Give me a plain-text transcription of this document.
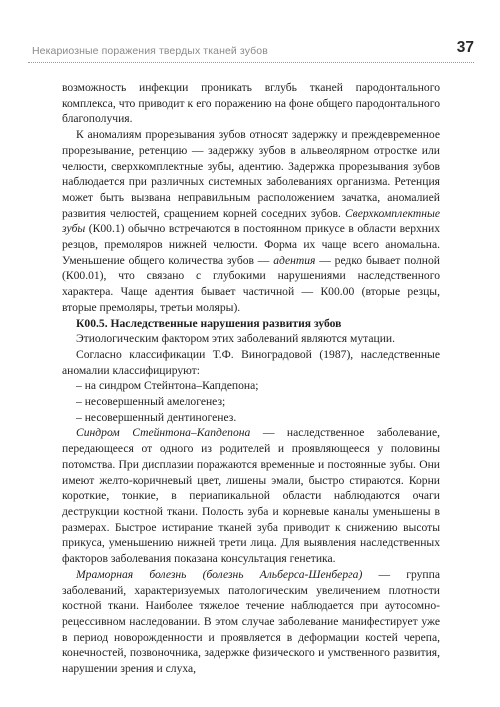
Некариозные поражения твердых тканей зубов	37

возможность инфекции проникать вглубь тканей пародонтального комплекса, что приводит к его поражению на фоне общего пародонтального благополучия.

К аномалиям прорезывания зубов относят задержку и преждевременное прорезывание, ретенцию — задержку зубов в альвеолярном отростке или челюсти, сверхкомплектные зубы, адентию. Задержка прорезывания зубов наблюдается при различных системных заболеваниях организма. Ретенция может быть вызвана неправильным расположением зачатка, аномалией развития челюстей, сращением корней соседних зубов. Сверхкомплектные зубы (К00.1) обычно встречаются в постоянном прикусе в области верхних резцов, премоляров нижней челюсти. Форма их чаще всего аномальна. Уменьшение общего количества зубов — адентия — редко бывает полной (К00.01), что связано с глубокими нарушениями наследственного характера. Чаще адентия бывает частичной — К00.00 (вторые резцы, вторые премоляры, третьи моляры).

К00.5. Наследственные нарушения развития зубов

Этиологическим фактором этих заболеваний являются мутации.

Согласно классификации Т.Ф. Виноградовой (1987), наследственные аномалии классифицируют:

– на синдром Стейнтона–Капдепона;

– несовершенный амелогенез;

– несовершенный дентиногенез.

Синдром Стейнтона–Капдепона — наследственное заболевание, передающееся от одного из родителей и проявляющееся у половины потомства. При дисплазии поражаются временные и постоянные зубы. Они имеют желто-коричневый цвет, лишены эмали, быстро стираются. Корни короткие, тонкие, в периапикальной области наблюдаются очаги деструкции костной ткани. Полость зуба и корневые каналы уменьшены в размерах. Быстрое истирание тканей зуба приводит к снижению высоты прикуса, уменьшению нижней трети лица. Для выявления наследственных факторов заболевания показана консультация генетика.

Мраморная болезнь (болезнь Альберса-Шенберга) — группа заболеваний, характеризуемых патологическим увеличением плотности костной ткани. Наиболее тяжелое течение наблюдается при аутосомно-рецессивном наследовании. В этом случае заболевание манифестирует уже в период новорожденности и проявляется в деформации костей черепа, конечностей, позвоночника, задержке физического и умственного развития, нарушении зрения и слуха,
